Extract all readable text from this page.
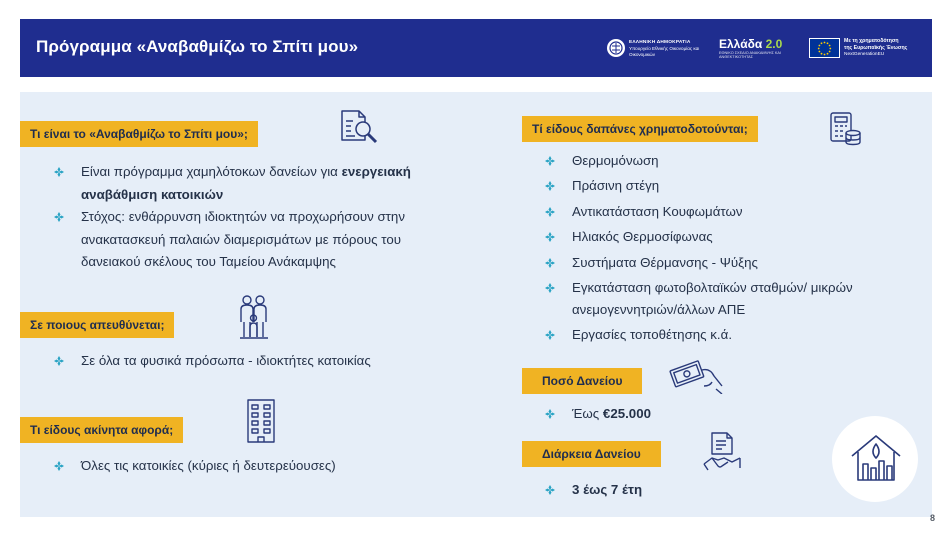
Πρόγραμμα «Αναβαθμίζω το Σπίτι μου»	ΕΛΛΗΝΙΚΗ ΔΗΜΟΚΡΑΤΙΑ
Υπουργείο Εθνικής Οικονομίας και Οικονομικών
Ελλάδα 2.0
ΕΘΝΙΚΟ ΣΧΕΔΙΟ ΑΝΑΚΑΜΨΗΣ ΚΑΙ ΑΝΘΕΚΤΙΚΟΤΗΤΑΣ
Με τη χρηματοδότηση
της Ευρωπαϊκής Ένωσης
NextGenerationEU
Τι είναι το «Αναβαθμίζω το Σπίτι μου»;
Είναι πρόγραμμα χαμηλότοκων δανείων για ενεργειακή
αναβάθμιση κατοικιών
Στόχος: ενθάρρυνση ιδιοκτητών να προχωρήσουν στην
ανακατασκευή παλαιών διαμερισμάτων με πόρους του
δανειακού σκέλους του Ταμείου Ανάκαμψης
Σε ποιους απευθύνεται;
Σε όλα τα φυσικά πρόσωπα - ιδιοκτήτες κατοικίας
Τι είδους ακίνητα αφορά;
Όλες τις κατοικίες (κύριες ή δευτερεύουσες)
Τί είδους δαπάνες χρηματοδοτούνται;
Θερμομόνωση
Πράσινη στέγη
Αντικατάσταση Κουφωμάτων
Ηλιακός Θερμοσίφωνας
Συστήματα Θέρμανσης - Ψύξης
Εγκατάσταση φωτοβολταϊκών σταθμών/ μικρών
ανεμογεννητριών/άλλων ΑΠΕ
Εργασίες τοποθέτησης κ.ά.
Ποσό Δανείου
Έως €25.000
Διάρκεια Δανείου
3 έως 7 έτη
8
